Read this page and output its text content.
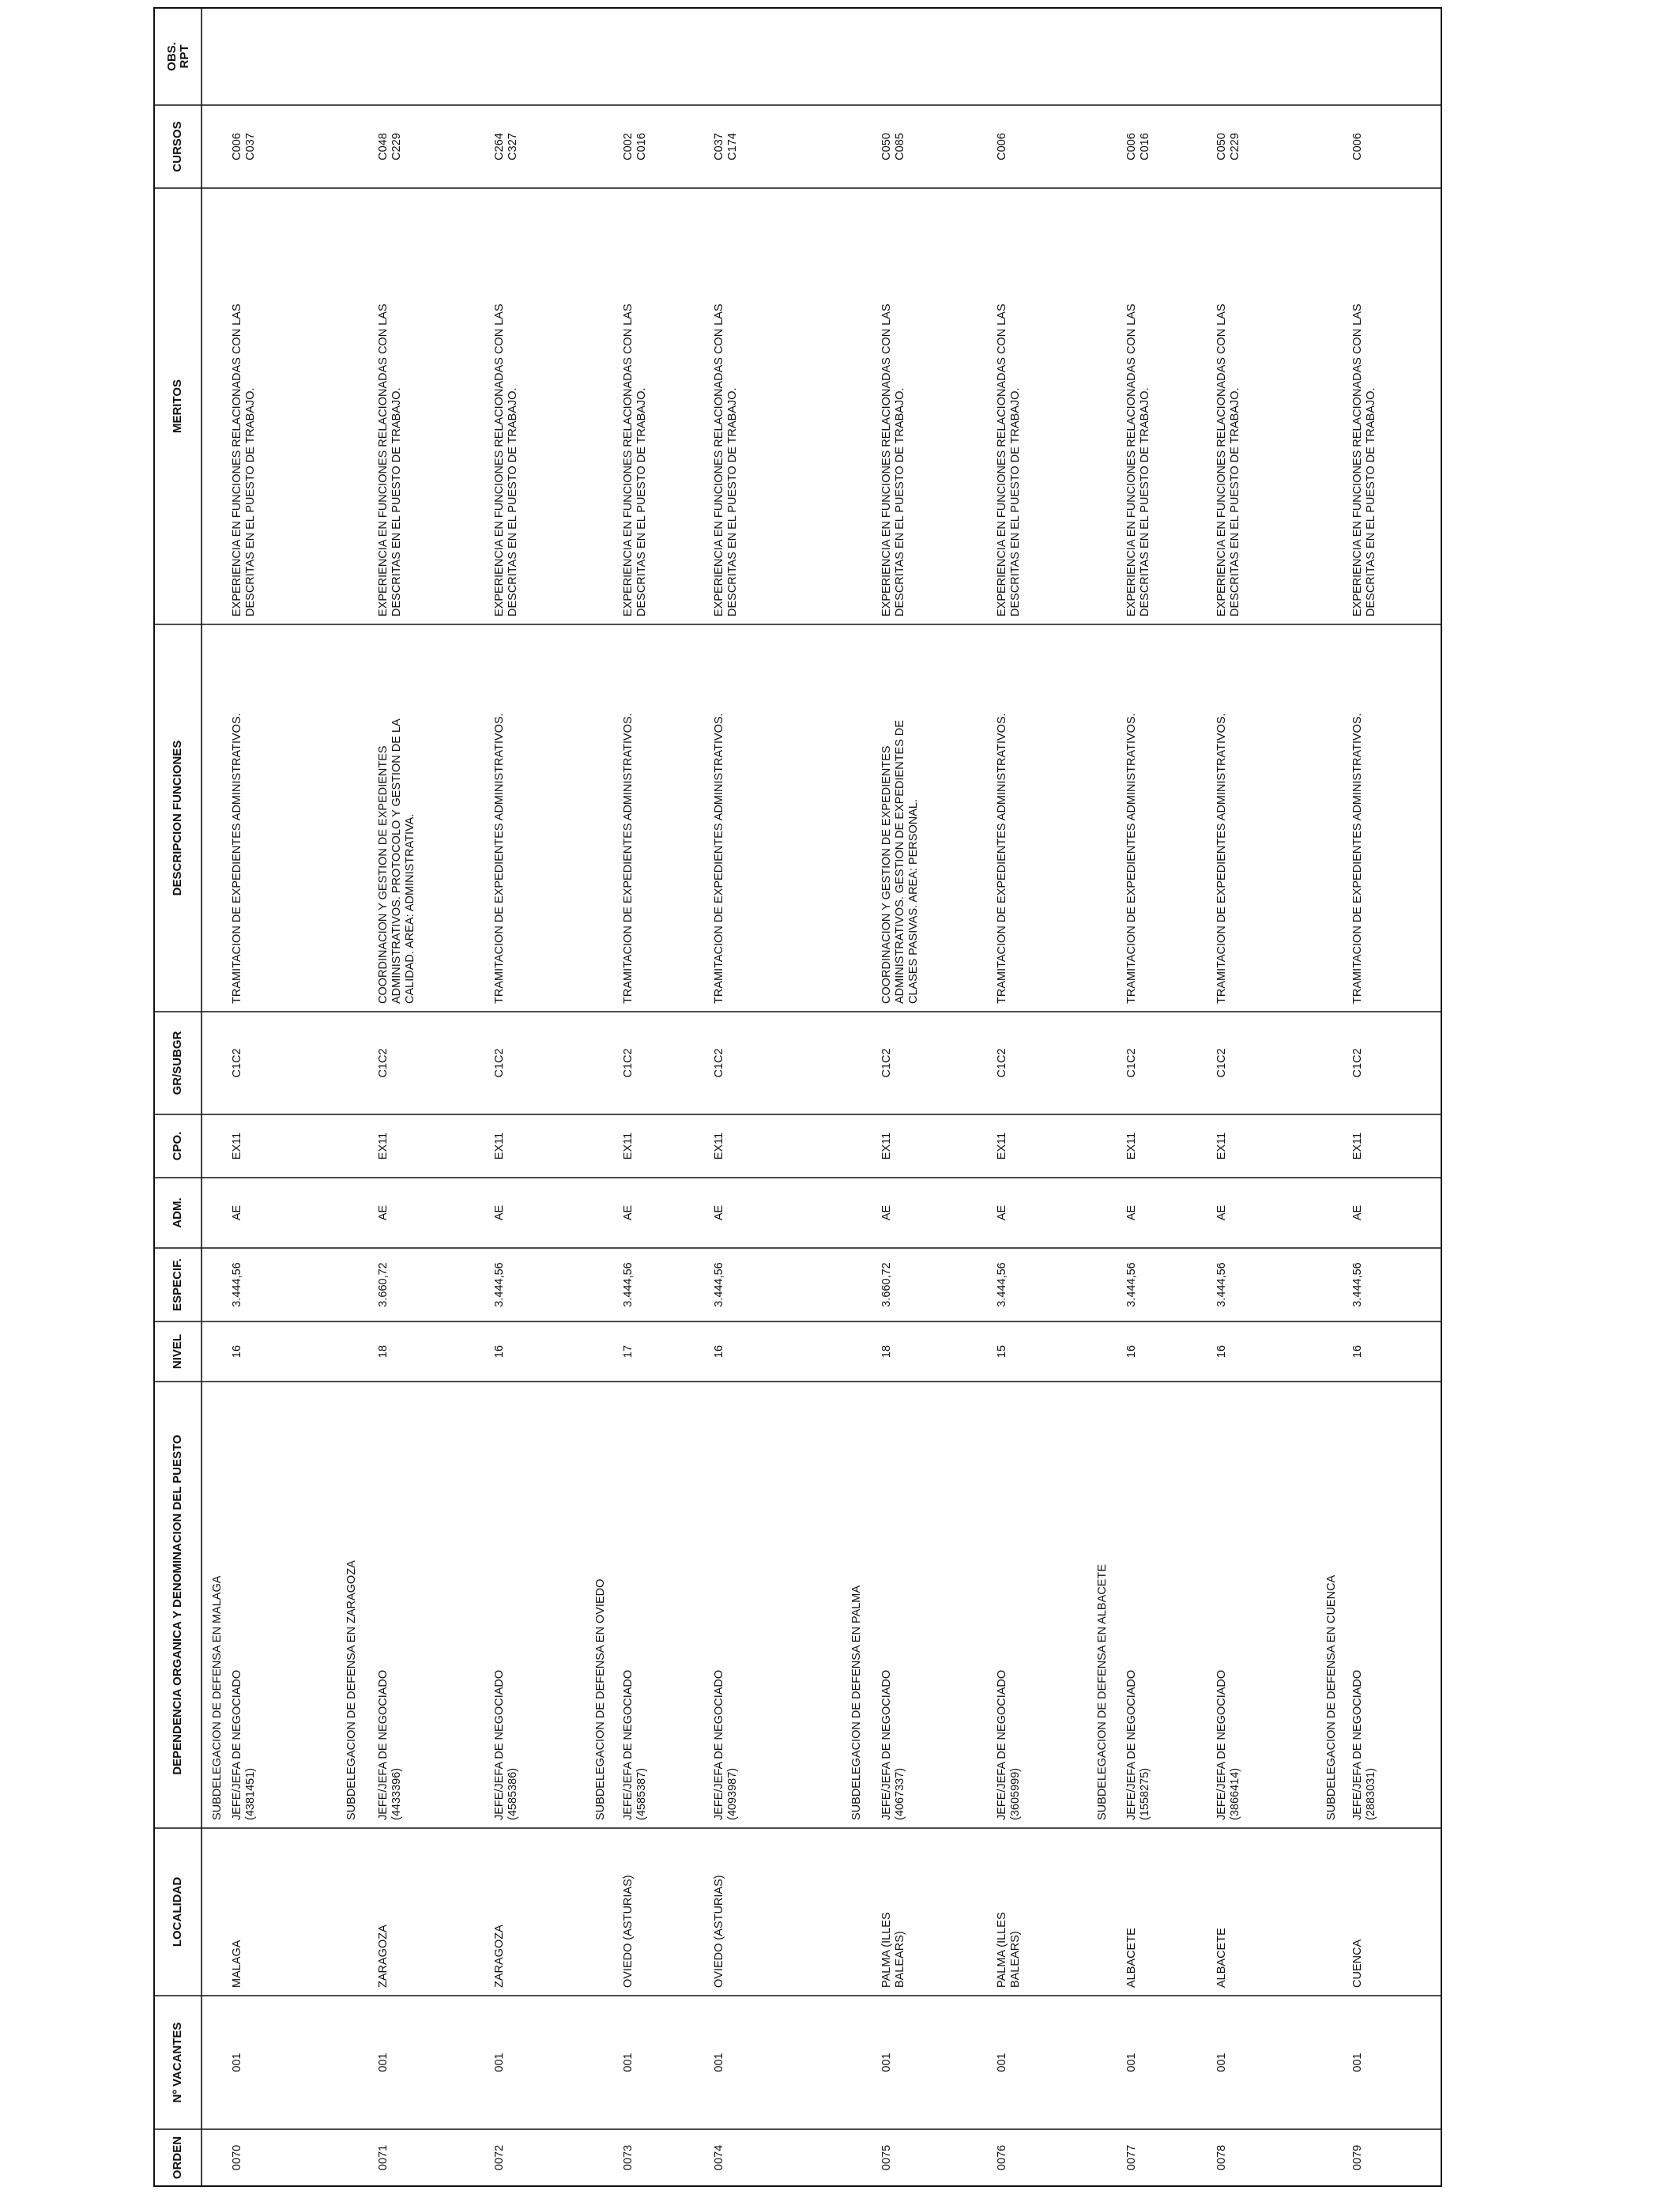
ORDEN
Nº VACANTES
LOCALIDAD
DEPENDENCIA ORGANICA Y DENOMINACION DEL PUESTO
NIVEL
ESPECIF.
ADM.
CPO.
GR/SUBGR
DESCRIPCION FUNCIONES
MERITOS
CURSOS
OBS. RPT
SUBDELEGACION DE DEFENSA EN MALAGA
0070
001
MALAGA
JEFE/JEFA DE NEGOCIADO (4381451)
16
3.444,56
AE
EX11
C1C2
TRAMITACION DE EXPEDIENTES ADMINISTRATIVOS.
EXPERIENCIA EN FUNCIONES RELACIONADAS CON LAS DESCRITAS EN EL PUESTO DE TRABAJO.
C006 C037
SUBDELEGACION DE DEFENSA EN ZARAGOZA
0071
001
ZARAGOZA
JEFE/JEFA DE NEGOCIADO (4433396)
18
3.660,72
AE
EX11
C1C2
COORDINACION Y GESTION DE EXPEDIENTES ADMINISTRATIVOS. PROTOCOLO Y GESTION DE LA CALIDAD. AREA: ADMINISTRATIVA.
EXPERIENCIA EN FUNCIONES RELACIONADAS CON LAS DESCRITAS EN EL PUESTO DE TRABAJO.
C048 C229
0072
001
ZARAGOZA
JEFE/JEFA DE NEGOCIADO (4585386)
16
3.444,56
AE
EX11
C1C2
TRAMITACION DE EXPEDIENTES ADMINISTRATIVOS.
EXPERIENCIA EN FUNCIONES RELACIONADAS CON LAS DESCRITAS EN EL PUESTO DE TRABAJO.
C264 C327
SUBDELEGACION DE DEFENSA EN OVIEDO
0073
001
OVIEDO (ASTURIAS)
JEFE/JEFA DE NEGOCIADO (4585387)
17
3.444,56
AE
EX11
C1C2
TRAMITACION DE EXPEDIENTES ADMINISTRATIVOS.
EXPERIENCIA EN FUNCIONES RELACIONADAS CON LAS DESCRITAS EN EL PUESTO DE TRABAJO.
C002 C016
0074
001
OVIEDO (ASTURIAS)
JEFE/JEFA DE NEGOCIADO (4093987)
16
3.444,56
AE
EX11
C1C2
TRAMITACION DE EXPEDIENTES ADMINISTRATIVOS.
EXPERIENCIA EN FUNCIONES RELACIONADAS CON LAS DESCRITAS EN EL PUESTO DE TRABAJO.
C037 C174
SUBDELEGACION DE DEFENSA EN PALMA
0075
001
PALMA (ILLES BALEARS)
JEFE/JEFA DE NEGOCIADO (4067337)
18
3.660,72
AE
EX11
C1C2
COORDINACION Y GESTION DE EXPEDIENTES ADMINISTRATIVOS. GESTION DE EXPEDIENTES DE CLASES PASIVAS. AREA: PERSONAL.
EXPERIENCIA EN FUNCIONES RELACIONADAS CON LAS DESCRITAS EN EL PUESTO DE TRABAJO.
C050 C085
0076
001
PALMA (ILLES BALEARS)
JEFE/JEFA DE NEGOCIADO (3605999)
15
3.444,56
AE
EX11
C1C2
TRAMITACION DE EXPEDIENTES ADMINISTRATIVOS.
EXPERIENCIA EN FUNCIONES RELACIONADAS CON LAS DESCRITAS EN EL PUESTO DE TRABAJO.
C006
SUBDELEGACION DE DEFENSA EN ALBACETE
0077
001
ALBACETE
JEFE/JEFA DE NEGOCIADO (1558275)
16
3.444,56
AE
EX11
C1C2
TRAMITACION DE EXPEDIENTES ADMINISTRATIVOS.
EXPERIENCIA EN FUNCIONES RELACIONADAS CON LAS DESCRITAS EN EL PUESTO DE TRABAJO.
C006 C016
0078
001
ALBACETE
JEFE/JEFA DE NEGOCIADO (3866414)
16
3.444,56
AE
EX11
C1C2
TRAMITACION DE EXPEDIENTES ADMINISTRATIVOS.
EXPERIENCIA EN FUNCIONES RELACIONADAS CON LAS DESCRITAS EN EL PUESTO DE TRABAJO.
C050 C229
SUBDELEGACION DE DEFENSA EN CUENCA
0079
001
CUENCA
JEFE/JEFA DE NEGOCIADO (2883031)
16
3.444,56
AE
EX11
C1C2
TRAMITACION DE EXPEDIENTES ADMINISTRATIVOS.
EXPERIENCIA EN FUNCIONES RELACIONADAS CON LAS DESCRITAS EN EL PUESTO DE TRABAJO.
C006
